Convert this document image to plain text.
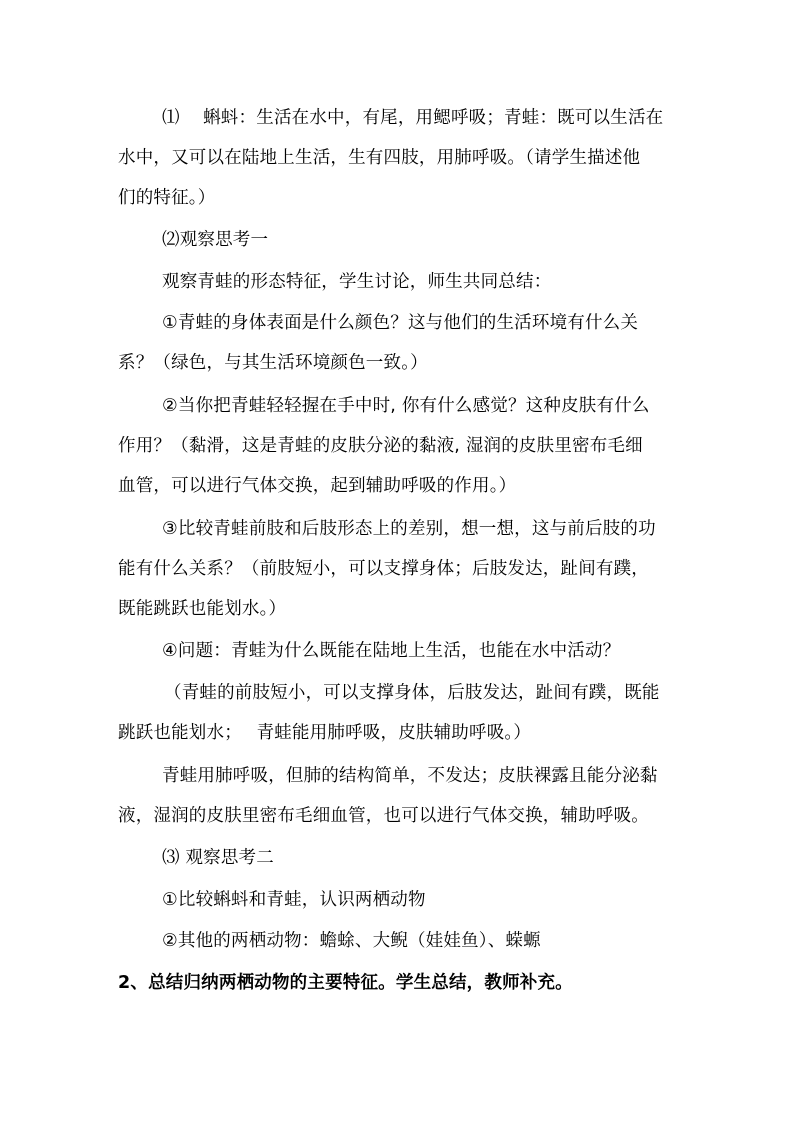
⑴　 蝌蚪：生活在水中，有尾，用鳃呼吸；青蛙：既可以生活在
水中，又可以在陆地上生活，生有四肢，用肺呼吸。（请学生描述他
们的特征。）
⑵观察思考一
观察青蛙的形态特征，学生讨论，师生共同总结：
①青蛙的身体表面是什么颜色？这与他们的生活环境有什么关
系？（绿色，与其生活环境颜色一致。）
②当你把青蛙轻轻握在手中时, 你有什么感觉？这种皮肤有什么
作用？（黏滑，这是青蛙的皮肤分泌的黏液, 湿润的皮肤里密布毛细
血管，可以进行气体交换，起到辅助呼吸的作用。）
③比较青蛙前肢和后肢形态上的差别，想一想，这与前后肢的功
能有什么关系？（前肢短小，可以支撑身体；后肢发达，趾间有蹼，
既能跳跃也能划水。）
④问题：青蛙为什么既能在陆地上生活，也能在水中活动？
（青蛙的前肢短小，可以支撑身体，后肢发达，趾间有蹼，既能
跳跃也能划水；　 青蛙能用肺呼吸，皮肤辅助呼吸。）
青蛙用肺呼吸，但肺的结构简单，不发达；皮肤裸露且能分泌黏
液，湿润的皮肤里密布毛细血管，也可以进行气体交换，辅助呼吸。
⑶ 观察思考二
①比较蝌蚪和青蛙，认识两栖动物
②其他的两栖动物：蟾蜍、大鲵（娃娃鱼）、蝾螈
2、总结归纳两栖动物的主要特征。学生总结，教师补充。
